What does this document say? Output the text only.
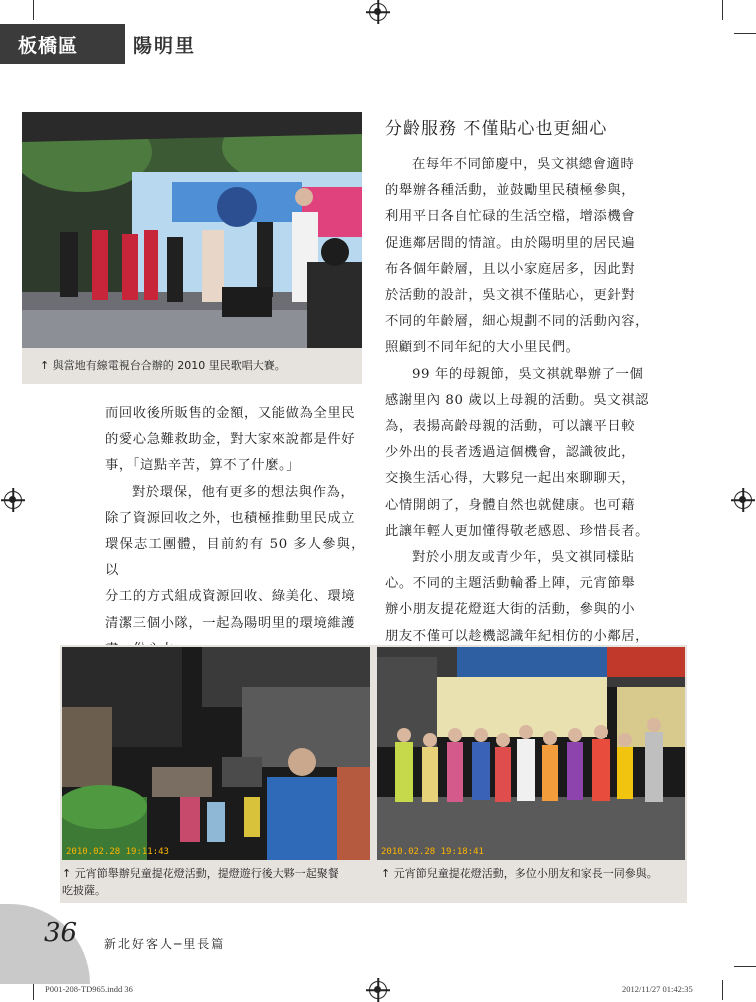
板橋區	陽明里
↑ 與當地有線電視台合辦的 2010 里民歌唱大賽。
分齡服務 不僅貼心也更細心

在每年不同節慶中，吳文祺總會適時

的舉辦各種活動，並鼓勵里民積極參與，

利用平日各自忙碌的生活空檔，增添機會

促進鄰居間的情誼。由於陽明里的居民遍

布各個年齡層，且以小家庭居多，因此對

於活動的設計，吳文祺不僅貼心，更針對

不同的年齡層，細心規劃不同的活動內容，

照顧到不同年紀的大小里民們。

99 年的母親節，吳文祺就舉辦了一個

感謝里內 80 歲以上母親的活動。吳文祺認

為，表揚高齡母親的活動，可以讓平日較

少外出的長者透過這個機會，認識彼此，

交換生活心得，大夥兒一起出來聊聊天，

心情開朗了，身體自然也就健康。也可藉

此讓年輕人更加懂得敬老感恩、珍惜長者。

對於小朋友或青少年，吳文祺同樣貼

心。不同的主題活動輪番上陣，元宵節舉

辦小朋友提花燈逛大街的活動，參與的小

朋友不僅可以趁機認識年紀相仿的小鄰居，

而回收後所販售的金額，又能做為全里民

的愛心急難救助金，對大家來說都是件好

事，「這點辛苦，算不了什麼。」

對於環保，他有更多的想法與作為，

除了資源回收之外，也積極推動里民成立

環保志工團體，目前約有 50 多人參與，以

分工的方式組成資源回收、綠美化、環境

清潔三個小隊，一起為陽明里的環境維護

2010.02.28 19:11:43
↑ 元宵節舉辦兒童提花燈活動，提燈遊行後大夥一起聚餐
吃披薩。
2010.02.28 19:18:41
↑ 元宵節兒童提花燈活動，多位小朋友和家長一同參與。
36 新北好客人─里長篇
P001-208-TD965.indd 36	2012/11/27 01:42:35
